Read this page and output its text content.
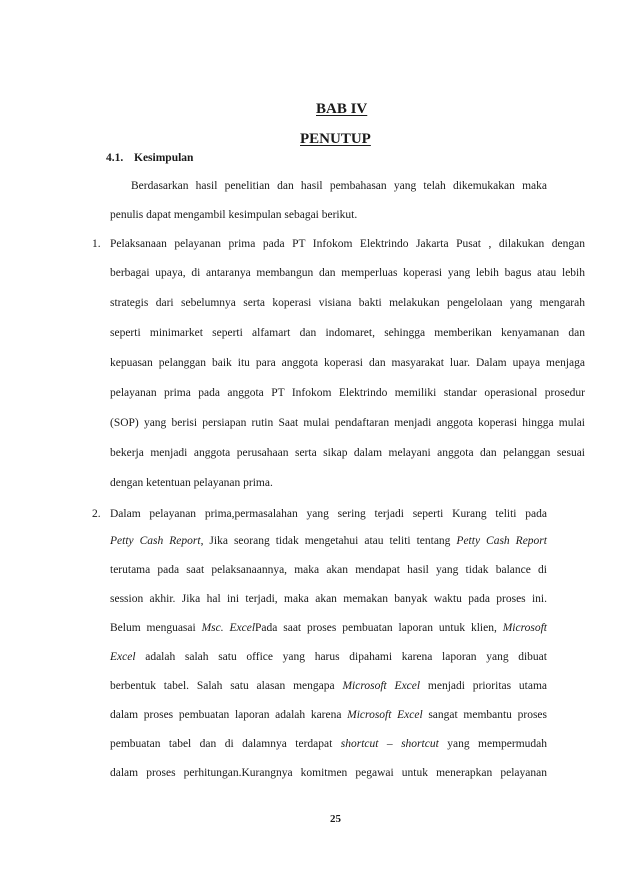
BAB IV
PENUTUP
4.1. Kesimpulan
Berdasarkan hasil penelitian dan hasil pembahasan yang telah dikemukakan maka
penulis dapat mengambil kesimpulan sebagai berikut.
1. Pelaksanaan pelayanan prima pada PT Infokom Elektrindo Jakarta Pusat , dilakukan dengan
berbagai upaya, di antaranya membangun dan memperluas koperasi yang lebih bagus atau lebih
strategis dari sebelumnya serta koperasi visiana bakti melakukan pengelolaan yang mengarah
seperti minimarket seperti alfamart dan indomaret, sehingga memberikan kenyamanan dan
kepuasan pelanggan baik itu para anggota koperasi dan masyarakat luar. Dalam upaya menjaga
pelayanan prima pada anggota PT Infokom Elektrindo memiliki standar operasional prosedur
(SOP) yang berisi persiapan rutin Saat mulai pendaftaran menjadi anggota koperasi hingga mulai
bekerja menjadi anggota perusahaan serta sikap dalam melayani anggota dan pelanggan sesuai
dengan ketentuan pelayanan prima.
2. Dalam pelayanan prima,permasalahan yang sering terjadi seperti Kurang teliti pada
Petty Cash Report, Jika seorang tidak mengetahui atau teliti tentang Petty Cash Report
terutama pada saat pelaksanaannya, maka akan mendapat hasil yang tidak balance di
session akhir. Jika hal ini terjadi, maka akan memakan banyak waktu pada proses ini.
Belum menguasai Msc. ExcelPada saat proses pembuatan laporan untuk klien, Microsoft
Excel adalah salah satu office yang harus dipahami karena laporan yang dibuat
berbentuk tabel. Salah satu alasan mengapa Microsoft Excel menjadi prioritas utama
dalam proses pembuatan laporan adalah karena Microsoft Excel sangat membantu proses
pembuatan tabel dan di dalamnya terdapat shortcut – shortcut yang mempermudah
dalam proses perhitungan.Kurangnya komitmen pegawai untuk menerapkan pelayanan
25
